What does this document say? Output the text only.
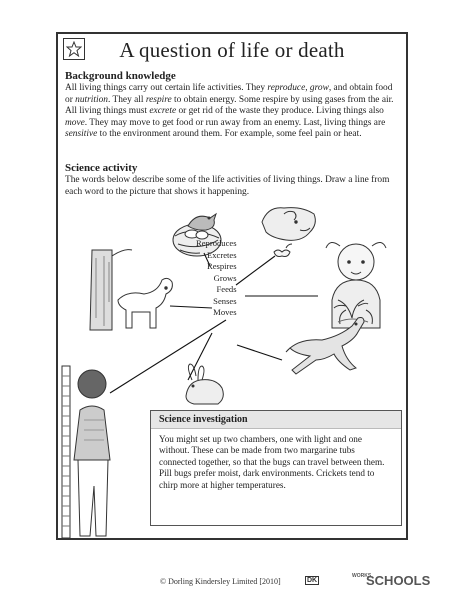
A question of life or death
Background knowledge

All living things carry out certain life activities. They reproduce, grow, and obtain food or nutrition. They all respire to obtain energy. Some respire by using gases from the air. All living things must excrete or get rid of the waste they produce. Living things also move. They may move to get food or run away from an enemy. Last, living things are sensitive to the environment around them. For example, some feel pain or heat.

Science activity

The words below describe some of the life activities of living things. Draw a line from each word to the picture that shows it happening.

Reproduces
Excretes
Respires
Grows
Feeds
Senses
Moves
Science investigation

You might set up two chambers, one with light and one without. These can be made from two margarine tubs connected together, so that the bugs can travel between them. Pill bugs prefer moist, dark environments. Crickets tend to chirp more at higher temperatures.

© Dorling Kindersley Limited [2010]	DK
WORKS
SCHOOLS
